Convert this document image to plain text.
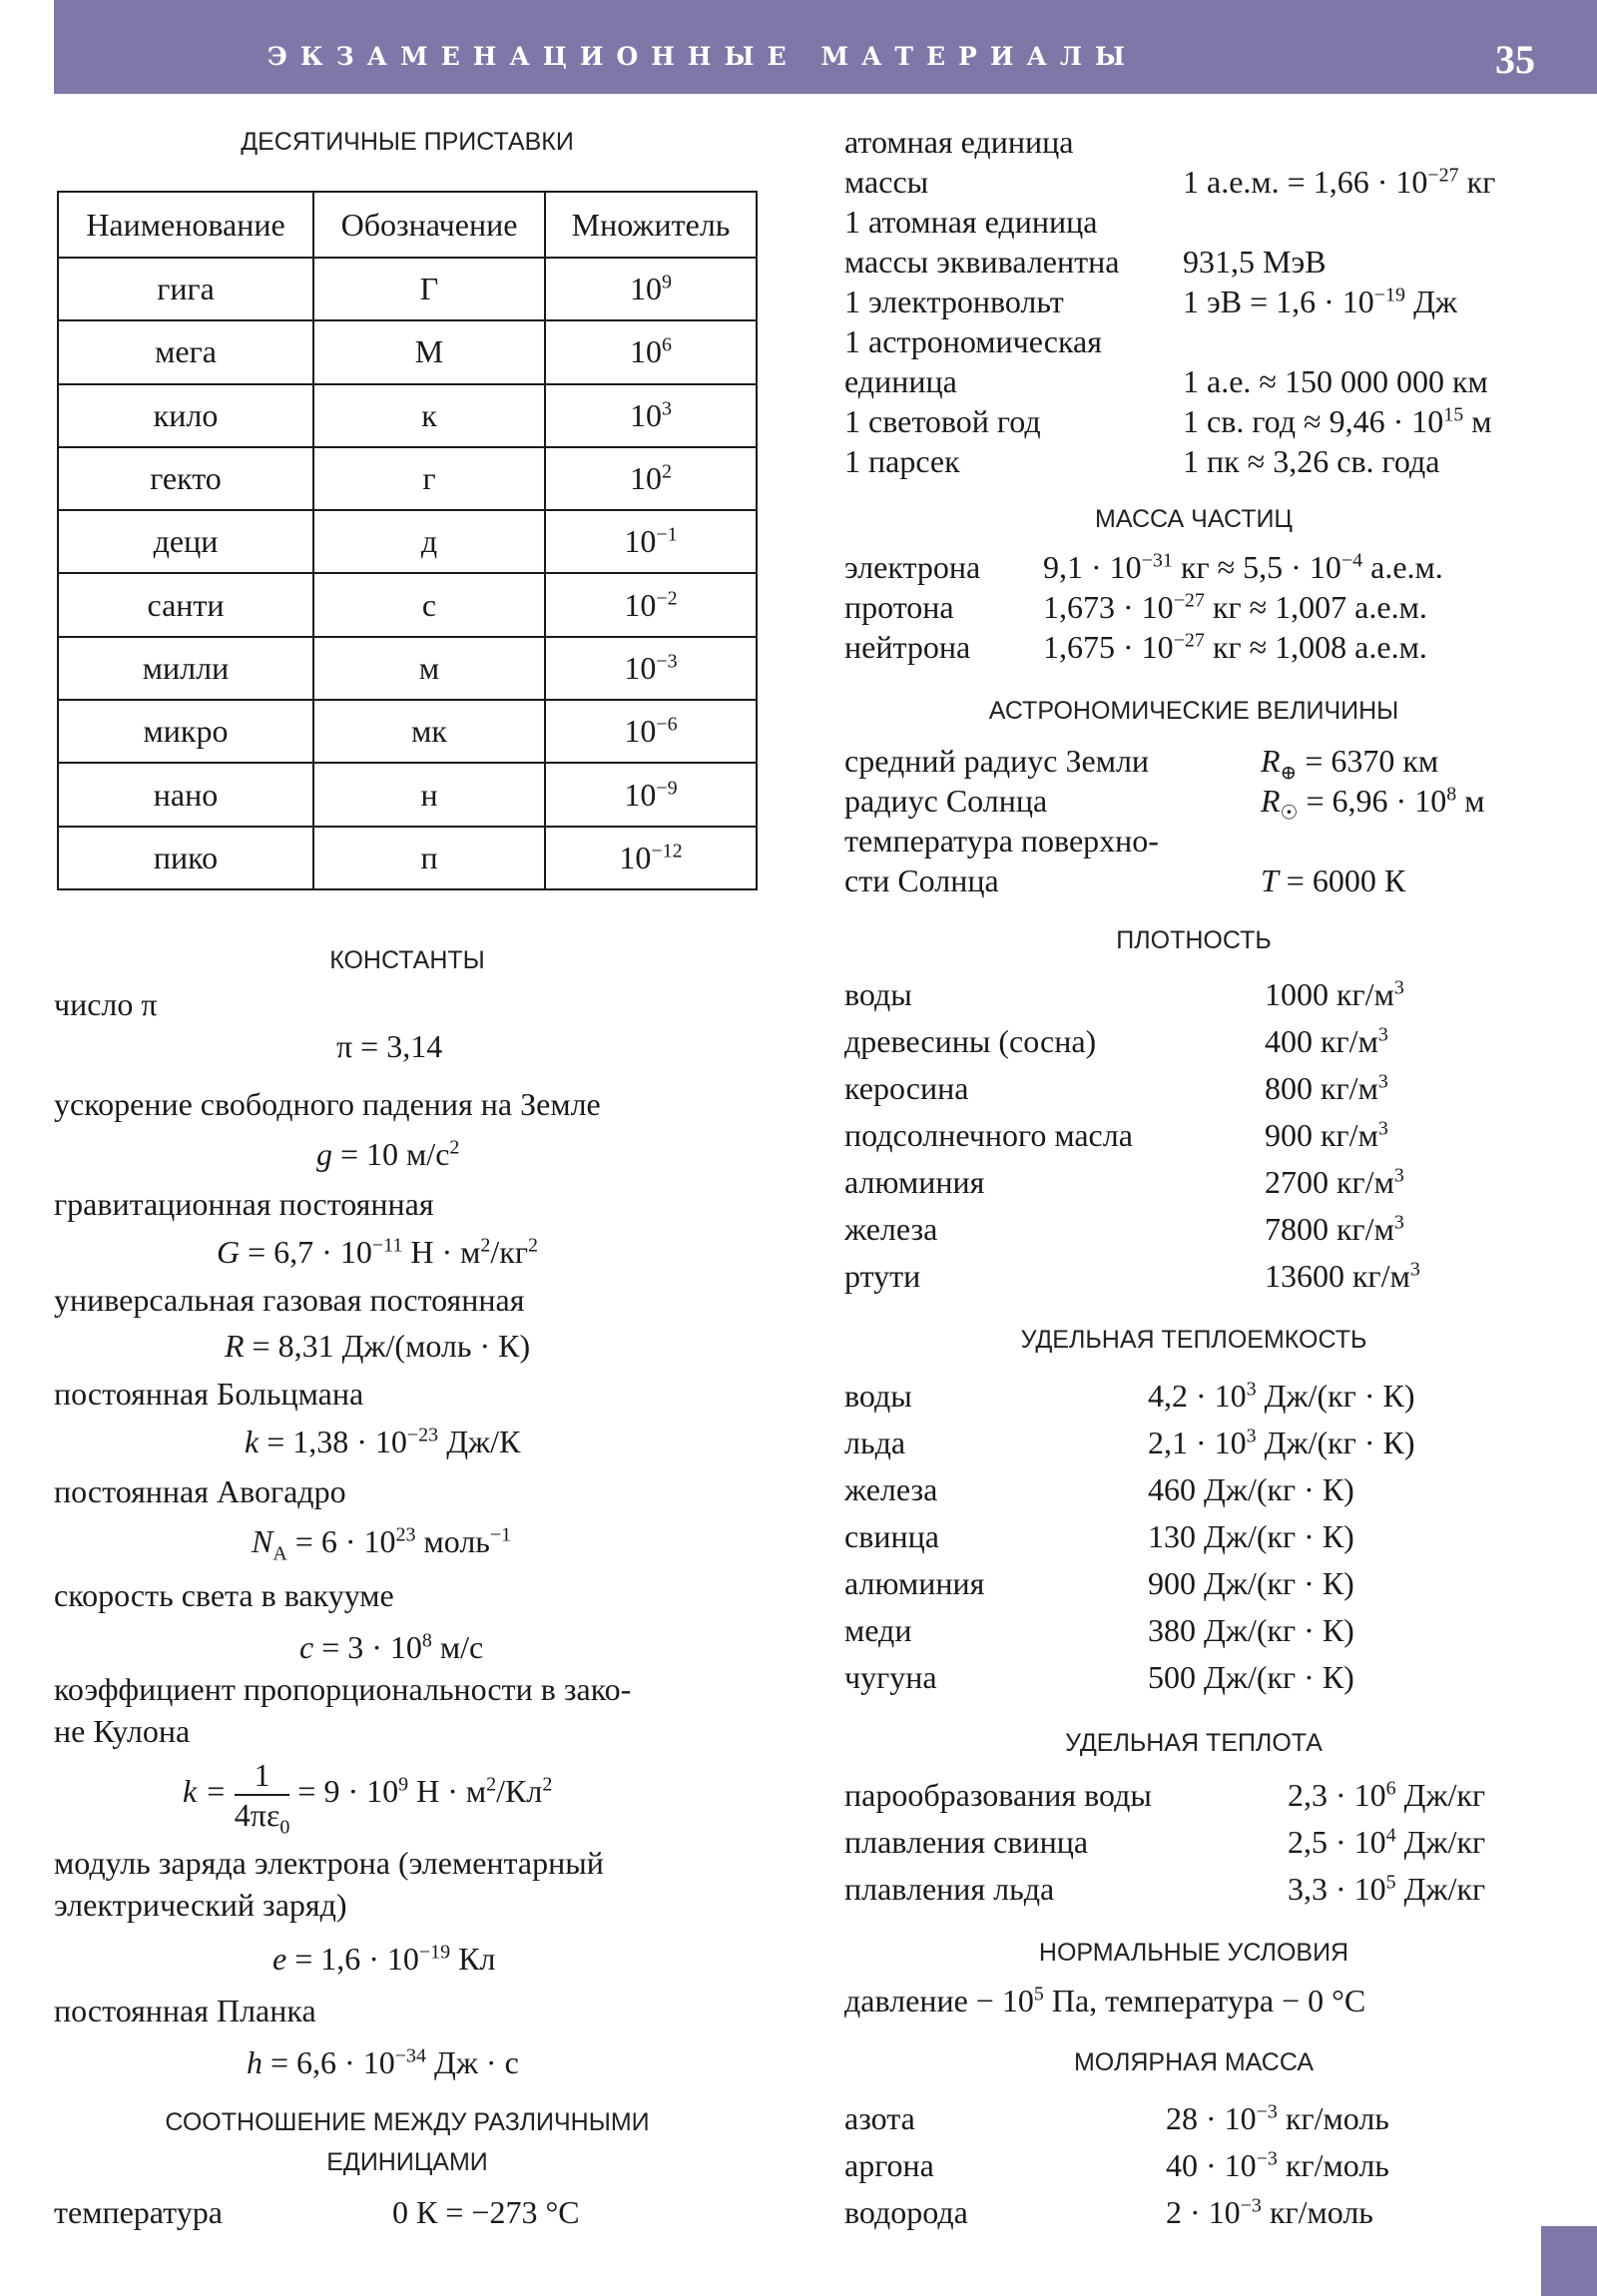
ЭКЗАМЕНАЦИОННЫЕ МАТЕРИАЛЫ	35
ДЕСЯТИЧНЫЕ ПРИСТАВКИ
Наименование	Обозначение	Множитель
гига	Г	$10^9$
мега	М	$10^6$
кило	к	$10^3$
гекто	г	$10^2$
деци	д	$10^{-1}$
санти	с	$10^{-2}$
милли	м	$10^{-3}$
микро	мк	$10^{-6}$
нано	н	$10^{-9}$
пико	п	$10^{-12}$
КОНСТАНТЫ
число π
π = 3,14
ускорение свободного падения на Земле
g = 10 $м/с^2$
гравитационная постоянная
$G = 6,7 \cdot 10^{-11}$ $Н \cdot м^2/кг^2$
универсальная газовая постоянная
R = 8,31 Дж/(моль · К)
постоянная Больцмана
$k = 1,38 \cdot 10^{-23}$ Дж/К
постоянная Авогадро
$N_A = 6 \cdot 10^{23}$ моль$^{-1}$
скорость света в вакууме
$c = 3 \cdot 10^8$ м/с
коэффициент пропорциональности в зако-
не Кулона
$k = \frac{1}{4\pi\varepsilon_0} = 9 \cdot 10^9$ $Н \cdot м^2/Кл^2$
модуль заряда электрона (элементарный
электрический заряд)
$e = 1,6 \cdot 10^{-19}$ Кл
постоянная Планка
$h = 6,6 \cdot 10^{-34}$ Дж · с
СООТНОШЕНИЕ МЕЖДУ РАЗЛИЧНЫМИ
ЕДИНИЦАМИ
температура	0 К = −273 °С
атомная единица
массы	1 а.е.м. = $1,66 \cdot 10^{-27}$ кг
1 атомная единица
массы эквивалентна 931,5 МэВ
1 электронвольт	1 эВ = $1,6 \cdot 10^{-19}$ Дж
1 астрономическая
единица	1 а.е. ≈ 150 000 000 км
1 световой год	1 св. год ≈ $9,46 \cdot 10^{15}$ м
1 парсек	1 пк ≈ 3,26 св. года
МАССА ЧАСТИЦ
электрона $9,1 \cdot 10^{-31}$ кг ≈ $5,5 \cdot 10^{-4}$ а.е.м.
протона	$1,673 \cdot 10^{-27}$ кг ≈ 1,007 а.е.м.
нейтрона $1,675 \cdot 10^{-27}$ кг ≈ 1,008 а.е.м.
АСТРОНОМИЧЕСКИЕ ВЕЛИЧИНЫ
средний радиус Земли	$R_\oplus = 6370$ км
радиус Солнца	$R_☉ = 6,96 \cdot 10^8$ м
температура поверхно-
сти Солнца	T = 6000 К
ПЛОТНОСТЬ
воды	1000 $кг/м^3$
древесины (сосна)	400 $кг/м^3$
керосина	800 $кг/м^3$
подсолнечного масла	900 $кг/м^3$
алюминия	2700 $кг/м^3$
железа	7800 $кг/м^3$
ртути	13600 $кг/м^3$
УДЕЛЬНАЯ ТЕПЛОЕМКОСТЬ
воды	$4,2 \cdot 10^3$ Дж/(кг · К)
льда	$2,1 \cdot 10^3$ Дж/(кг · К)
железа	460 Дж/(кг · К)
свинца	130 Дж/(кг · К)
алюминия	900 Дж/(кг · К)
меди	380 Дж/(кг · К)
чугуна	500 Дж/(кг · К)
УДЕЛЬНАЯ ТЕПЛОТА
парообразования воды	$2,3 \cdot 10^6$ Дж/кг
плавления свинца	$2,5 \cdot 10^4$ Дж/кг
плавления льда	$3,3 \cdot 10^5$ Дж/кг
НОРМАЛЬНЫЕ УСЛОВИЯ
давление − $10^5$ Па, температура − 0 °С
МОЛЯРНАЯ МАССА
азота	$28 \cdot 10^{-3}$ кг/моль
аргона	$40 \cdot 10^{-3}$ кг/моль
водорода	$2 \cdot 10^{-3}$ кг/моль
